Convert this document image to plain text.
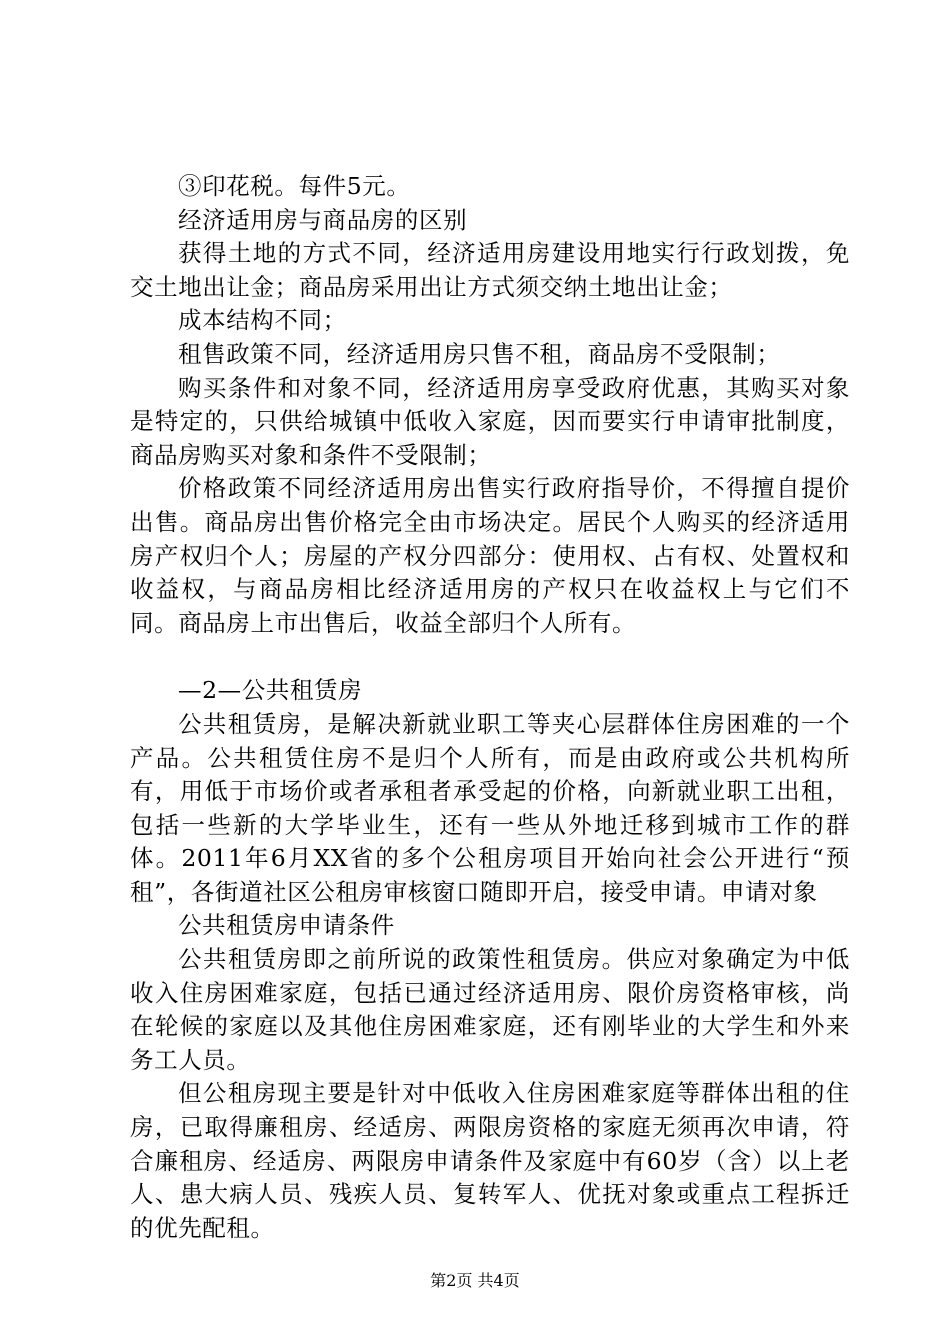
③印花税。每件5元。

经济适用房与商品房的区别

获得土地的方式不同，经济适用房建设用地实行行政划拨，免交土地出让金；商品房采用出让方式须交纳土地出让金；

成本结构不同；

租售政策不同，经济适用房只售不租，商品房不受限制；

购买条件和对象不同，经济适用房享受政府优惠，其购买对象是特定的，只供给城镇中低收入家庭，因而要实行申请审批制度，商品房购买对象和条件不受限制；

价格政策不同经济适用房出售实行政府指导价，不得擅自提价出售。商品房出售价格完全由市场决定。居民个人购买的经济适用房产权归个人；房屋的产权分四部分：使用权、占有权、处置权和收益权，与商品房相比经济适用房的产权只在收益权上与它们不同。商品房上市出售后，收益全部归个人所有。

—2—公共租赁房

公共租赁房，是解决新就业职工等夹心层群体住房困难的一个产品。公共租赁住房不是归个人所有，而是由政府或公共机构所有，用低于市场价或者承租者承受起的价格，向新就业职工出租，包括一些新的大学毕业生，还有一些从外地迁移到城市工作的群体。2011年6月XX省的多个公租房项目开始向社会公开进行“预租”，各街道社区公租房审核窗口随即开启，接受申请。申请对象

公共租赁房申请条件

公共租赁房即之前所说的政策性租赁房。供应对象确定为中低收入住房困难家庭，包括已通过经济适用房、限价房资格审核，尚在轮候的家庭以及其他住房困难家庭，还有刚毕业的大学生和外来务工人员。

但公租房现主要是针对中低收入住房困难家庭等群体出租的住房，已取得廉租房、经适房、两限房资格的家庭无须再次申请，符合廉租房、经适房、两限房申请条件及家庭中有60岁（含）以上老人、患大病人员、残疾人员、复转军人、优抚对象或重点工程拆迁的优先配租。

第2页 共4页
